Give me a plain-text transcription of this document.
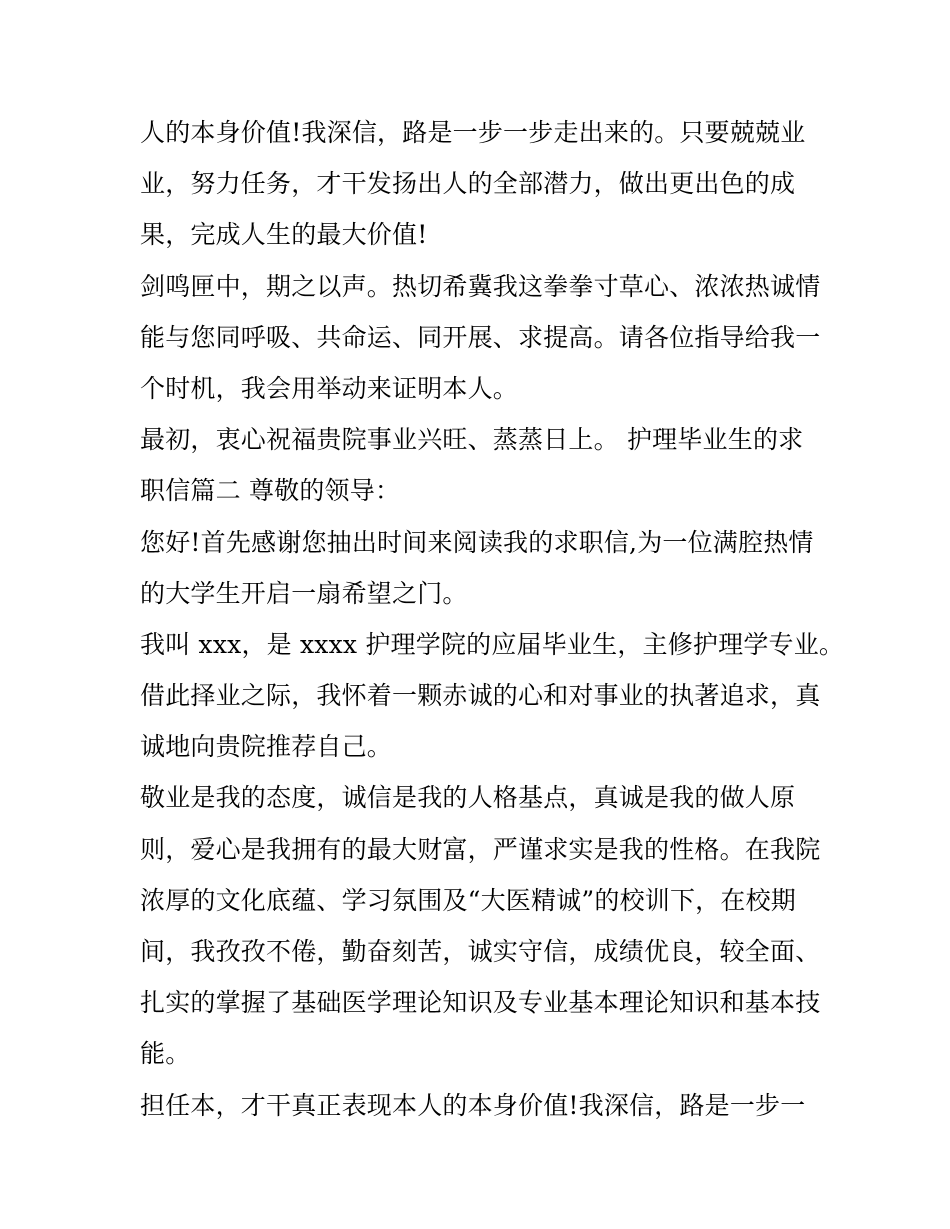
人的本身价值!我深信，路是一步一步走出来的。只要兢兢业
业，努力任务，才干发扬出人的全部潜力，做出更出色的成
果，完成人生的最大价值!
剑鸣匣中，期之以声。热切希冀我这拳拳寸草心、浓浓热诚情
能与您同呼吸、共命运、同开展、求提高。请各位指导给我一
个时机，我会用举动来证明本人。
最初，衷心祝福贵院事业兴旺、蒸蒸日上。 护理毕业生的求
职信篇二 尊敬的领导：
您好!首先感谢您抽出时间来阅读我的求职信,为一位满腔热情
的大学生开启一扇希望之门。
我叫 xxx，是 xxxx 护理学院的应届毕业生，主修护理学专业。
借此择业之际，我怀着一颗赤诚的心和对事业的执著追求，真
诚地向贵院推荐自己。
敬业是我的态度，诚信是我的人格基点，真诚是我的做人原
则，爱心是我拥有的最大财富，严谨求实是我的性格。在我院
浓厚的文化底蕴、学习氛围及“大医精诚”的校训下，在校期
间，我孜孜不倦，勤奋刻苦，诚实守信，成绩优良，较全面、
扎实的掌握了基础医学理论知识及专业基本理论知识和基本技
能。
担任本，才干真正表现本人的本身价值!我深信，路是一步一
